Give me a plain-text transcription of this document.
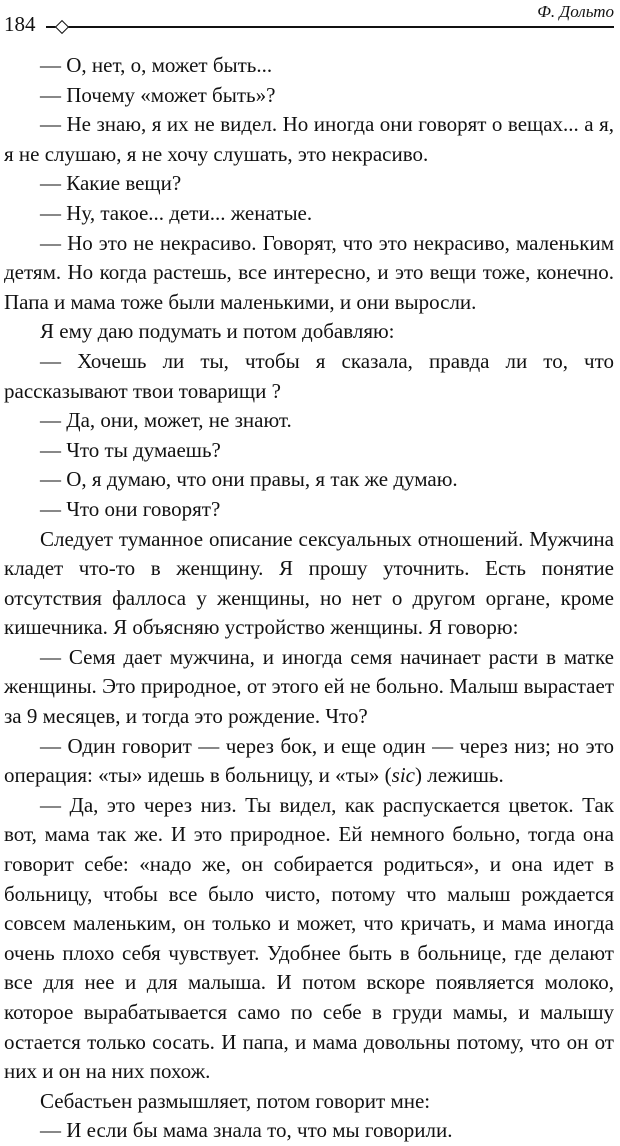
184
Ф. Дольто

— О, нет, о, может быть...

— Почему «может быть»?

— Не знаю, я их не видел. Но иногда они говорят о вещах... а я, я не слушаю, я не хочу слушать, это некрасиво.

— Какие вещи?

— Ну, такое... дети... женатые.

— Но это не некрасиво. Говорят, что это некрасиво, маленьким детям. Но когда растешь, все интересно, и это вещи тоже, конечно. Папа и мама тоже были маленькими, и они выросли.

Я ему даю подумать и потом добавляю:

— Хочешь ли ты, чтобы я сказала, правда ли то, что рассказывают твои товарищи ?

— Да, они, может, не знают.

— Что ты думаешь?

— О, я думаю, что они правы, я так же думаю.

— Что они говорят?

Следует туманное описание сексуальных отношений. Мужчина кладет что-то в женщину. Я прошу уточнить. Есть понятие отсутствия фаллоса у женщины, но нет о другом органе, кроме кишечника. Я объясняю устройство женщины. Я говорю:

— Семя дает мужчина, и иногда семя начинает расти в матке женщины. Это природное, от этого ей не больно. Малыш вырастает за 9 месяцев, и тогда это рождение. Что?

— Один говорит — через бок, и еще один — через низ; но это операция: «ты» идешь в больницу, и «ты» (sic) лежишь.

— Да, это через низ. Ты видел, как распускается цветок. Так вот, мама так же. И это природное. Ей немного больно, тогда она говорит себе: «надо же, он собирается родиться», и она идет в больницу, чтобы все было чисто, потому что малыш рождается совсем маленьким, он только и может, что кричать, и мама иногда очень плохо себя чувствует. Удобнее быть в больнице, где делают все для нее и для малыша. И потом вскоре появляется молоко, которое вырабатывается само по себе в груди мамы, и малышу остается только сосать. И папа, и мама довольны потому, что он от них и он на них похож.

Себастьен размышляет, потом говорит мне:

— И если бы мама знала то, что мы говорили.
